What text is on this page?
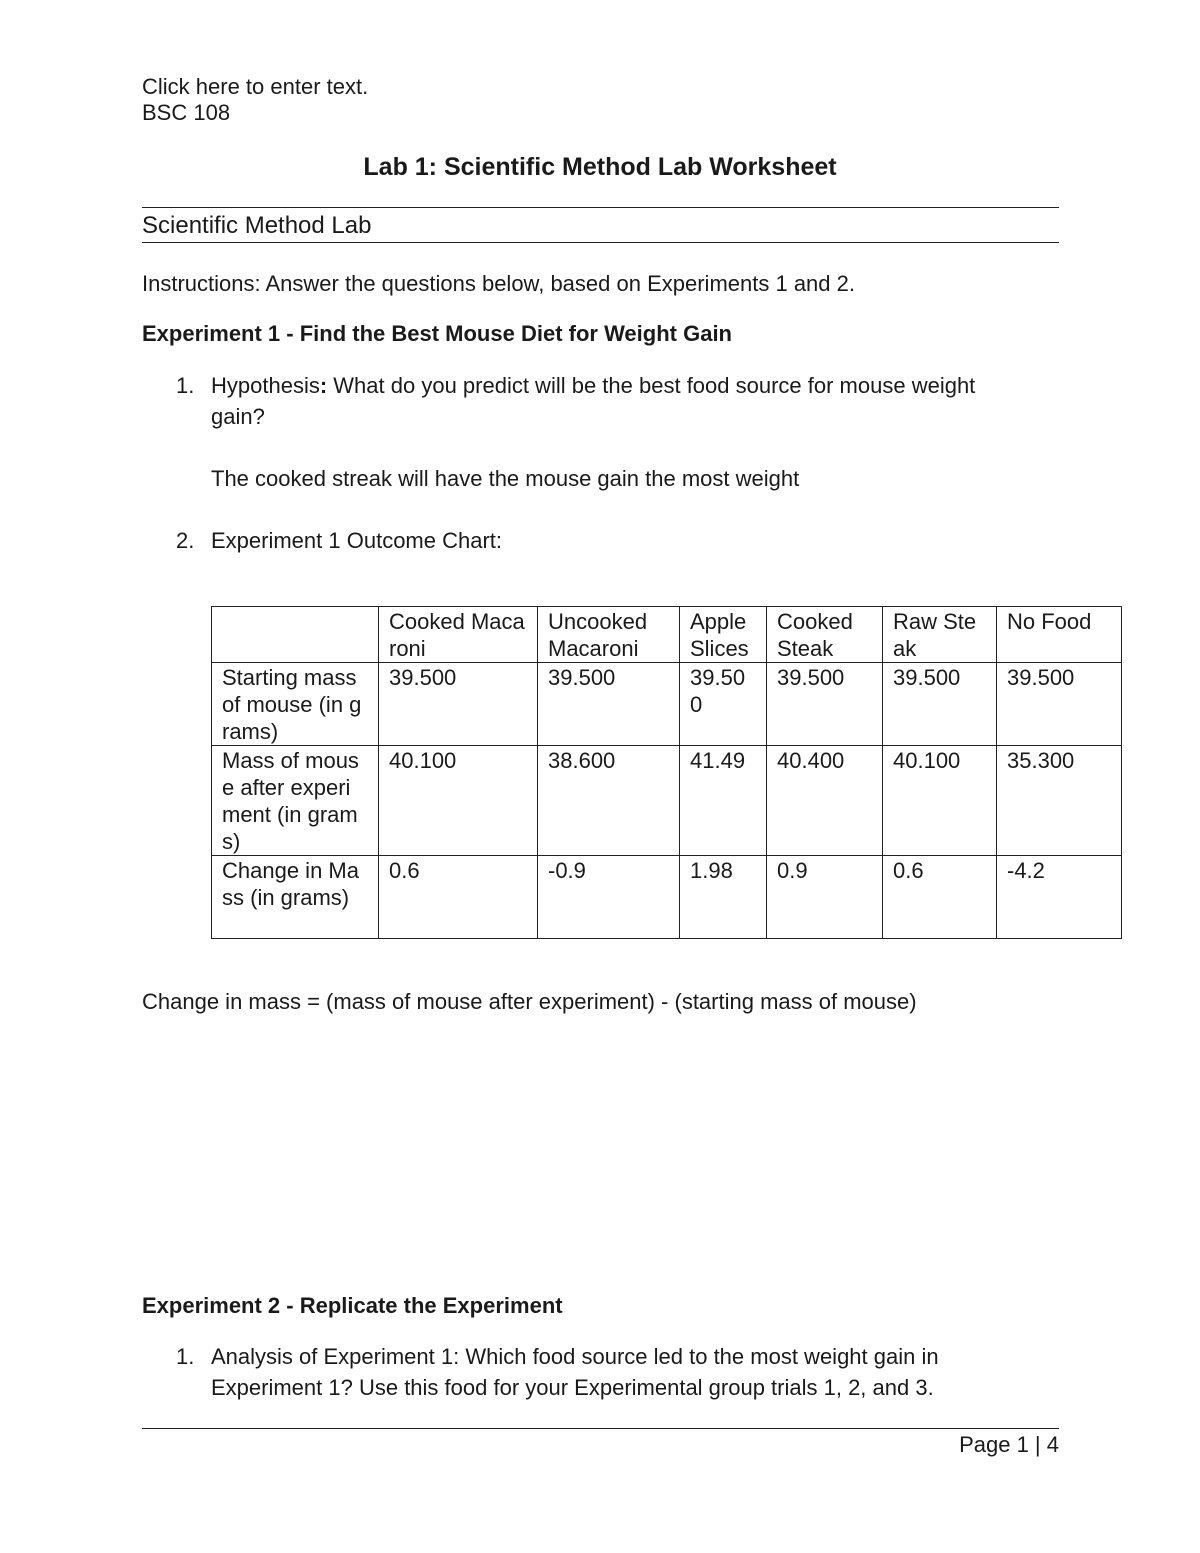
Click here to enter text.
BSC 108
Lab 1: Scientific Method Lab Worksheet
Scientific Method Lab
Instructions: Answer the questions below, based on Experiments 1 and 2.
Experiment 1 - Find the Best Mouse Diet for Weight Gain
1. Hypothesis: What do you predict will be the best food source for mouse weight
gain?
The cooked streak will have the mouse gain the most weight
2. Experiment 1 Outcome Chart:
	Cooked Macaroni	Uncooked Macaroni	Apple Slices	Cooked Steak	Raw Steak	No Food
Starting mass of mouse (in grams)	39.500	39.500	39.500	39.500	39.500	39.500
Mass of mouse after experiment (in grams)	40.100	38.600	41.49	40.400	40.100	35.300
Change in Mass (in grams)	0.6	-0.9	1.98	0.9	0.6	-4.2
Change in mass = (mass of mouse after experiment) - (starting mass of mouse)
Experiment 2 - Replicate the Experiment
1. Analysis of Experiment 1: Which food source led to the most weight gain in
Experiment 1? Use this food for your Experimental group trials 1, 2, and 3.
Page 1 | 4
